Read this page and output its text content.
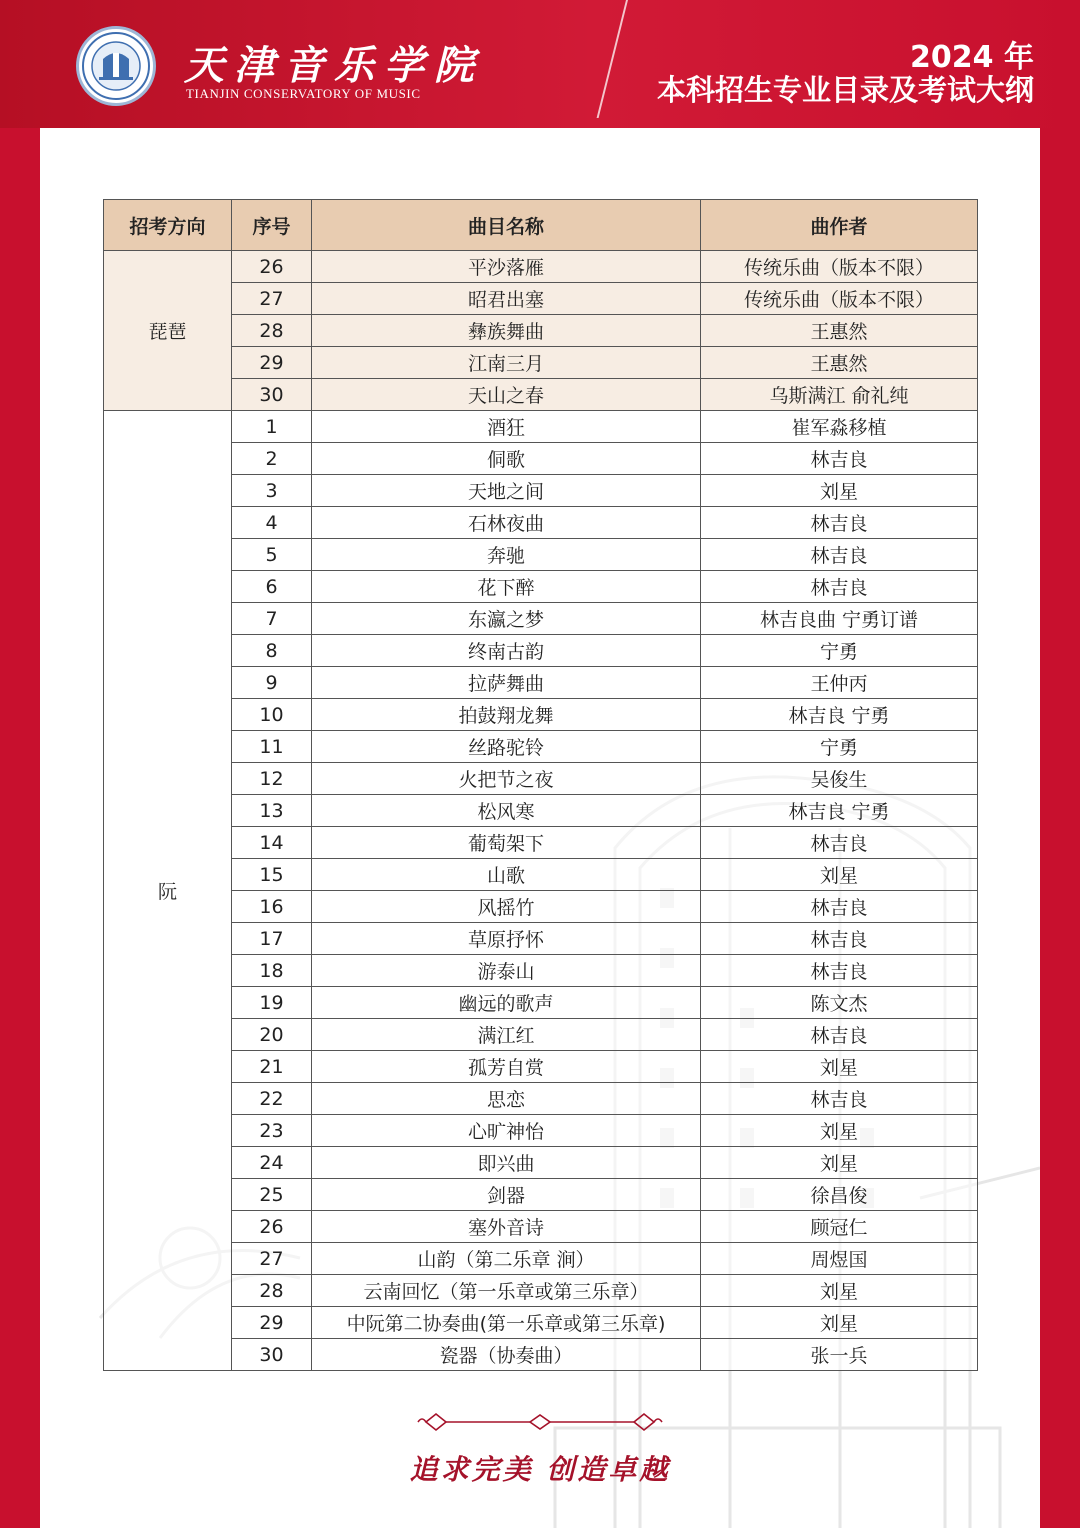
天津音乐学院
TIANJIN CONSERVATORY OF MUSIC
2024 年
本科招生专业目录及考试大纲
招考方向	序号	曲目名称	曲作者
琵琶	26	平沙落雁	传统乐曲（版本不限）
	27	昭君出塞	传统乐曲（版本不限）
	28	彝族舞曲	王惠然
	29	江南三月	王惠然
	30	天山之春	乌斯满江 俞礼纯
阮	1	酒狂	崔军淼移植
	2	侗歌	林吉良
	3	天地之间	刘星
	4	石林夜曲	林吉良
	5	奔驰	林吉良
	6	花下醉	林吉良
	7	东瀛之梦	林吉良曲 宁勇订谱
	8	终南古韵	宁勇
	9	拉萨舞曲	王仲丙
	10	拍鼓翔龙舞	林吉良 宁勇
	11	丝路驼铃	宁勇
	12	火把节之夜	吴俊生
	13	松风寒	林吉良 宁勇
	14	葡萄架下	林吉良
	15	山歌	刘星
	16	风摇竹	林吉良
	17	草原抒怀	林吉良
	18	游泰山	林吉良
	19	幽远的歌声	陈文杰
	20	满江红	林吉良
	21	孤芳自赏	刘星
	22	思恋	林吉良
	23	心旷神怡	刘星
	24	即兴曲	刘星
	25	剑器	徐昌俊
	26	塞外音诗	顾冠仁
	27	山韵（第二乐章 涧）	周煜国
	28	云南回忆（第一乐章或第三乐章）	刘星
	29	中阮第二协奏曲(第一乐章或第三乐章)	刘星
	30	瓷器（协奏曲）	张一兵
追求完美 创造卓越
